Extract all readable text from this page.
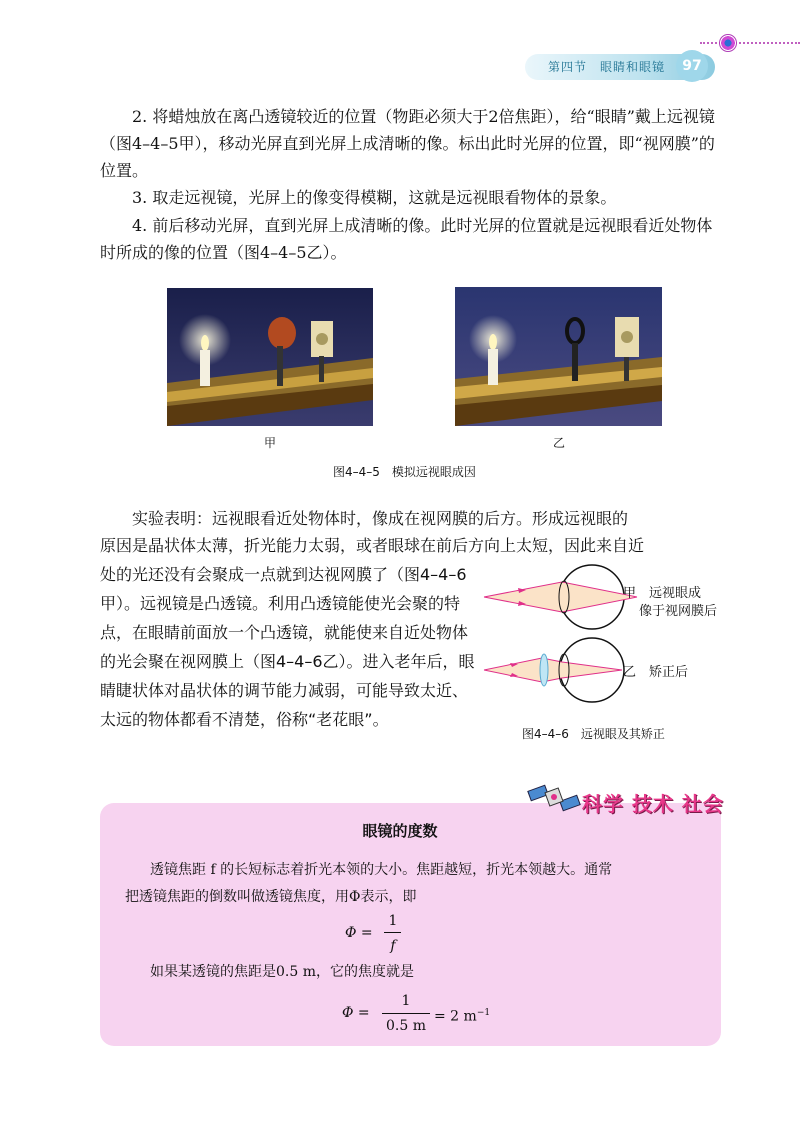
第四节　眼睛和眼镜	97
2. 将蜡烛放在离凸透镜较近的位置（物距必须大于2倍焦距），给“眼睛”戴上远视镜（图4–4–5甲），移动光屏直到光屏上成清晰的像。标出此时光屏的位置，即“视网膜”的位置。
3. 取走远视镜，光屏上的像变得模糊，这就是远视眼看物体的景象。
4. 前后移动光屏，直到光屏上成清晰的像。此时光屏的位置就是远视眼看近处物体时所成的像的位置（图4–4–5乙）。
甲	乙
图4–4–5　模拟远视眼成因
实验表明：远视眼看近处物体时，像成在视网膜的后方。形成远视眼的
原因是晶状体太薄，折光能力太弱，或者眼球在前后方向上太短，因此来自近
处的光还没有会聚成一点就到达视网膜了（图4–4–6甲）。远视镜是凸透镜。利用凸透镜能使光会聚的特点，在眼睛前面放一个凸透镜，就能使来自近处物体的光会聚在视网膜上（图4–4–6乙）。进入老年后，眼睛睫状体对晶状体的调节能力减弱，可能导致太近、太远的物体都看不清楚，俗称“老花眼”。
甲　远视眼成
像于视网膜后
乙　矫正后
图4–4–6　远视眼及其矫正
科学 技术 社会
眼镜的度数
透镜焦距 f 的长短标志着折光本领的大小。焦距越短，折光本领越大。通常
把透镜焦距的倒数叫做透镜焦度，用Φ表示，即
Φ =
1
f
如果某透镜的焦距是0.5 m，它的焦度就是
Φ =
1
0.5 m
= 2 $m^{-1}$
